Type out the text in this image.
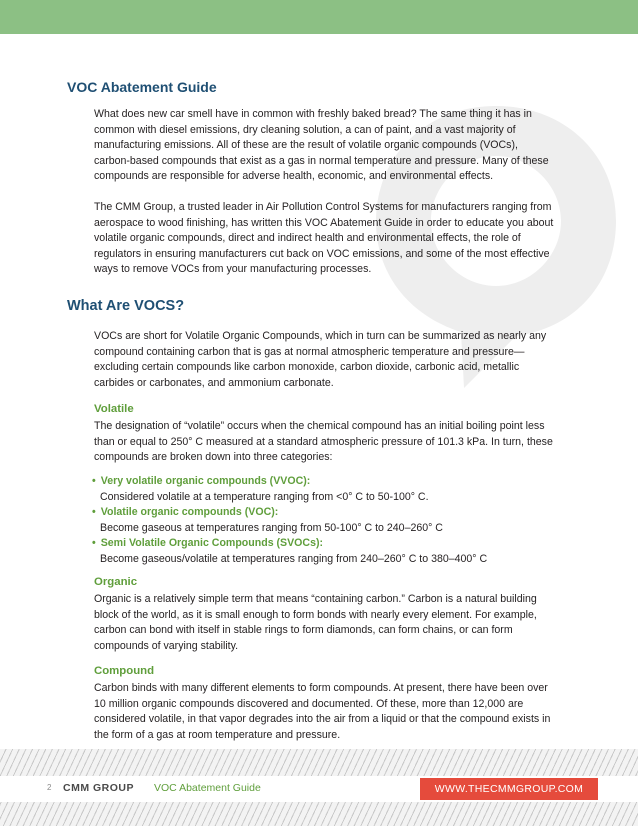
VOC Abatement Guide

What does new car smell have in common with freshly baked bread? The same thing it has in common with diesel emissions, dry cleaning solution, a can of paint, and a vast majority of manufacturing emissions. All of these are the result of volatile organic compounds (VOCs), carbon-based compounds that exist as a gas in normal temperature and pressure. Many of these compounds are responsible for adverse health, economic, and environmental effects.

The CMM Group, a trusted leader in Air Pollution Control Systems for manufacturers ranging from aerospace to wood finishing, has written this VOC Abatement Guide in order to educate you about volatile organic compounds, direct and indirect health and environmental effects, the role of regulators in ensuring manufacturers cut back on VOC emissions, and some of the most effective ways to remove VOCs from your manufacturing processes.

What Are VOCS?

VOCs are short for Volatile Organic Compounds, which in turn can be summarized as nearly any compound containing carbon that is gas at normal atmospheric temperature and pressure—excluding certain compounds like carbon monoxide, carbon dioxide, carbonic acid, metallic carbides or carbonates, and ammonium carbonate.

Volatile

The designation of “volatile” occurs when the chemical compound has an initial boiling point less than or equal to 250° C measured at a standard atmospheric pressure of 101.3 kPa. In turn, these compounds are broken down into three categories:

• Very volatile organic compounds (VVOC):
Considered volatile at a temperature ranging from <0° C to 50-100° C.
• Volatile organic compounds (VOC):
Become gaseous at temperatures ranging from 50-100° C to 240–260° C
• Semi Volatile Organic Compounds (SVOCs):
Become gaseous/volatile at temperatures ranging from 240–260° C to 380–400° C
Organic

Organic is a relatively simple term that means “containing carbon.” Carbon is a natural building block of the world, as it is small enough to form bonds with nearly every element. For example, carbon can bond with itself in stable rings to form diamonds, can form chains, or can form compounds of varying stability.

Compound

Carbon binds with many different elements to form compounds. At present, there have been over 10 million organic compounds discovered and documented. Of these, more than 12,000 are considered volatile, in that vapor degrades into the air from a liquid or that the compound exists in the form of a gas at room temperature and pressure.

2 CMM GROUP VOC Abatement Guide	WWW.THECMMGROUP.COM
